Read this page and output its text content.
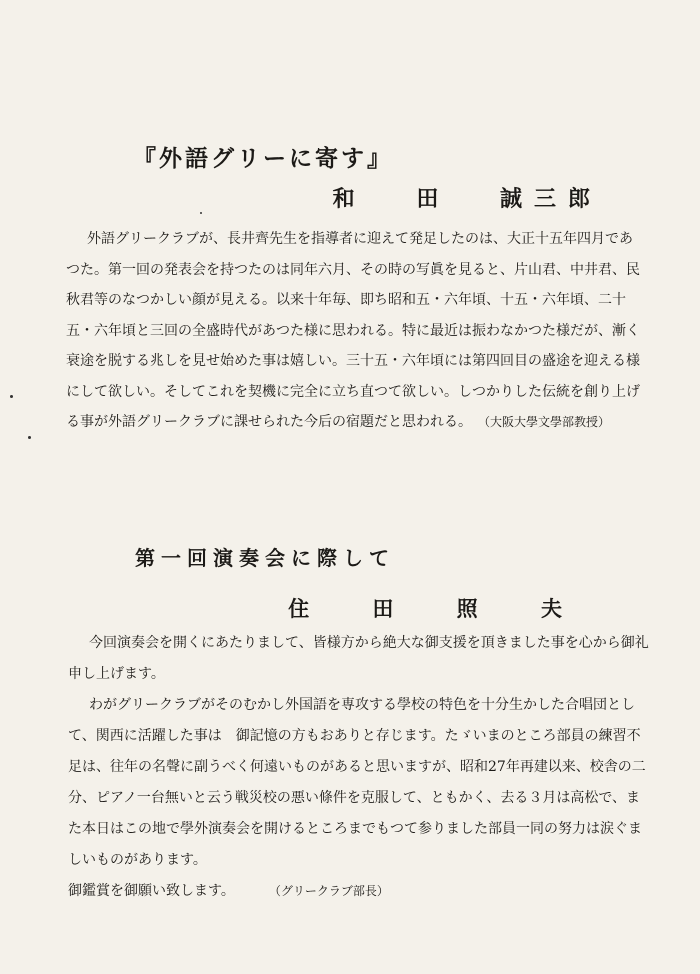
『外語グリーに寄す』
和 田 誠三郎

外語グリークラブが、長井齊先生を指導者に迎えて発足したのは、大正十五年四月であつた。第一回の発表会を持つたのは同年六月、その時の写眞を見ると、片山君、中井君、民秋君等のなつかしい顔が見える。以来十年毎、即ち昭和五・六年頃、十五・六年頃、二十五・六年頃と三回の全盛時代があつた様に思われる。特に最近は振わなかつた様だが、漸く衰途を脱する兆しを見せ始めた事は嬉しい。三十五・六年頃には第四回目の盛途を迎える様にして欲しい。そしてこれを契機に完全に立ち直つて欲しい。しつかりした伝統を創り上げる事が外語グリークラブに課せられた今后の宿題だと思われる。 （大阪大學文學部教授）

第一回演奏会に際して
住 田 照 夫

今回演奏会を開くにあたりまして、皆様方から絶大な御支援を頂きました事を心から御礼申し上げます。

わがグリークラブがそのむかし外国語を専攻する學校の特色を十分生かした合唱団として、関西に活躍した事は　御記憶の方もおありと存じます。たゞいまのところ部員の練習不足は、往年の名聲に副うべく何遠いものがあると思いますが、昭和27年再建以来、校舎の二分、ピアノ一台無いと云う戦災校の悪い條件を克服して、ともかく、去る３月は高松で、また本日はこの地で學外演奏会を開けるところまでもつて参りました部員一同の努力は涙ぐましいものがあります。

御鑑賞を御願い致します。	（グリークラブ部長）
